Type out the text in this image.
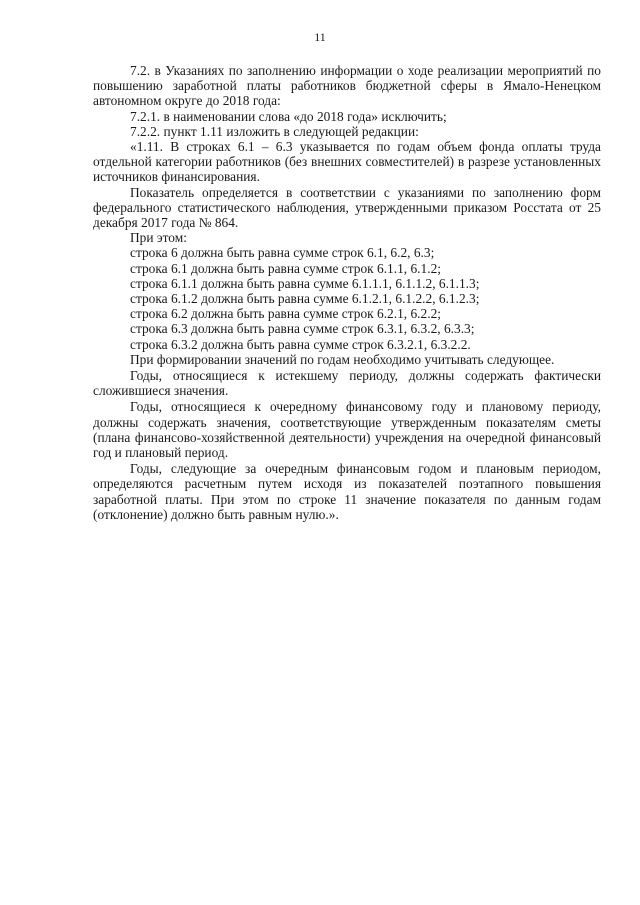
11

7.2. в Указаниях по заполнению информации о ходе реализации мероприятий по повышению заработной платы работников бюджетной сферы в Ямало-Ненецком автономном округе до 2018 года:

7.2.1. в наименовании слова «до 2018 года» исключить;

7.2.2. пункт 1.11 изложить в следующей редакции:

«1.11. В строках 6.1 – 6.3 указывается по годам объем фонда оплаты труда отдельной категории работников (без внешних совместителей) в разрезе установленных источников финансирования.

Показатель определяется в соответствии с указаниями по заполнению форм федерального статистического наблюдения, утвержденными приказом Росстата от 25 декабря 2017 года № 864.

При этом:

строка 6 должна быть равна сумме строк 6.1, 6.2, 6.3;

строка 6.1 должна быть равна сумме строк 6.1.1, 6.1.2;

строка 6.1.1 должна быть равна сумме 6.1.1.1, 6.1.1.2, 6.1.1.3;

строка 6.1.2 должна быть равна сумме 6.1.2.1, 6.1.2.2, 6.1.2.3;

строка 6.2 должна быть равна сумме строк 6.2.1, 6.2.2;

строка 6.3 должна быть равна сумме строк 6.3.1, 6.3.2, 6.3.3;

строка 6.3.2 должна быть равна сумме строк 6.3.2.1, 6.3.2.2.

При формировании значений по годам необходимо учитывать следующее.

Годы, относящиеся к истекшему периоду, должны содержать фактически сложившиеся значения.

Годы, относящиеся к очередному финансовому году и плановому периоду, должны содержать значения, соответствующие утвержденным показателям сметы (плана финансово-хозяйственной деятельности) учреждения на очередной финансовый год и плановый период.

Годы, следующие за очередным финансовым годом и плановым периодом, определяются расчетным путем исходя из показателей поэтапного повышения заработной платы. При этом по строке 11 значение показателя по данным годам (отклонение) должно быть равным нулю.».
